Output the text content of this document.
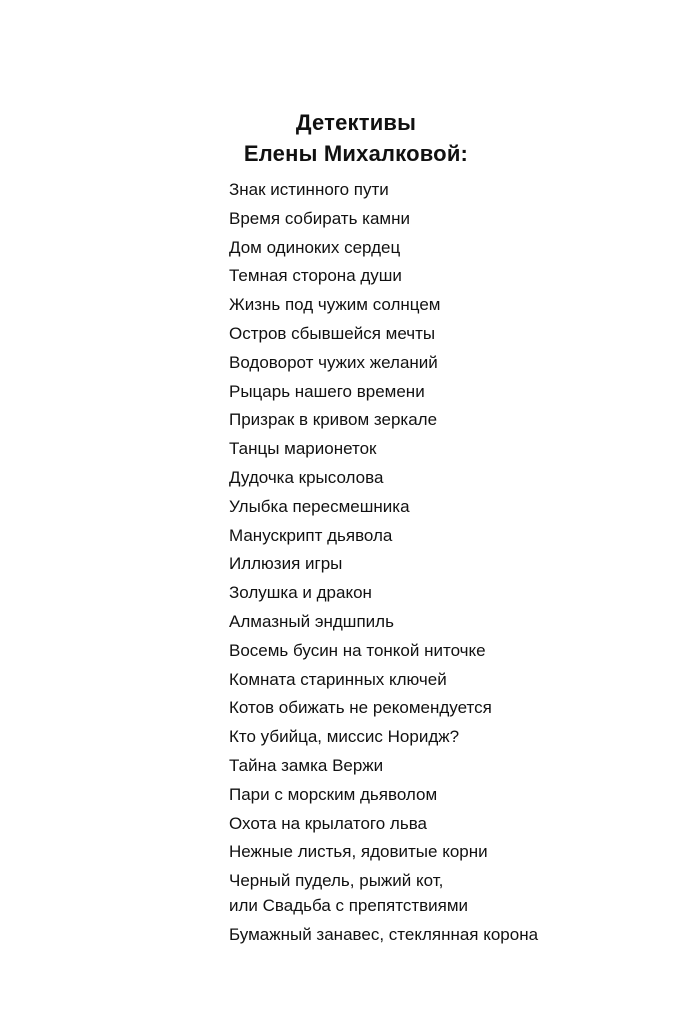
Детективы
Елены Михалковой:
Знак истинного пути
Время собирать камни
Дом одиноких сердец
Темная сторона души
Жизнь под чужим солнцем
Остров сбывшейся мечты
Водоворот чужих желаний
Рыцарь нашего времени
Призрак в кривом зеркале
Танцы марионеток
Дудочка крысолова
Улыбка пересмешника
Манускрипт дьявола
Иллюзия игры
Золушка и дракон
Алмазный эндшпиль
Восемь бусин на тонкой ниточке
Комната старинных ключей
Котов обижать не рекомендуется
Кто убийца, миссис Норидж?
Тайна замка Вержи
Пари с морским дьяволом
Охота на крылатого льва
Нежные листья, ядовитые корни
Черный пудель, рыжий кот,
или Свадьба с препятствиями
Бумажный занавес, стеклянная корона
